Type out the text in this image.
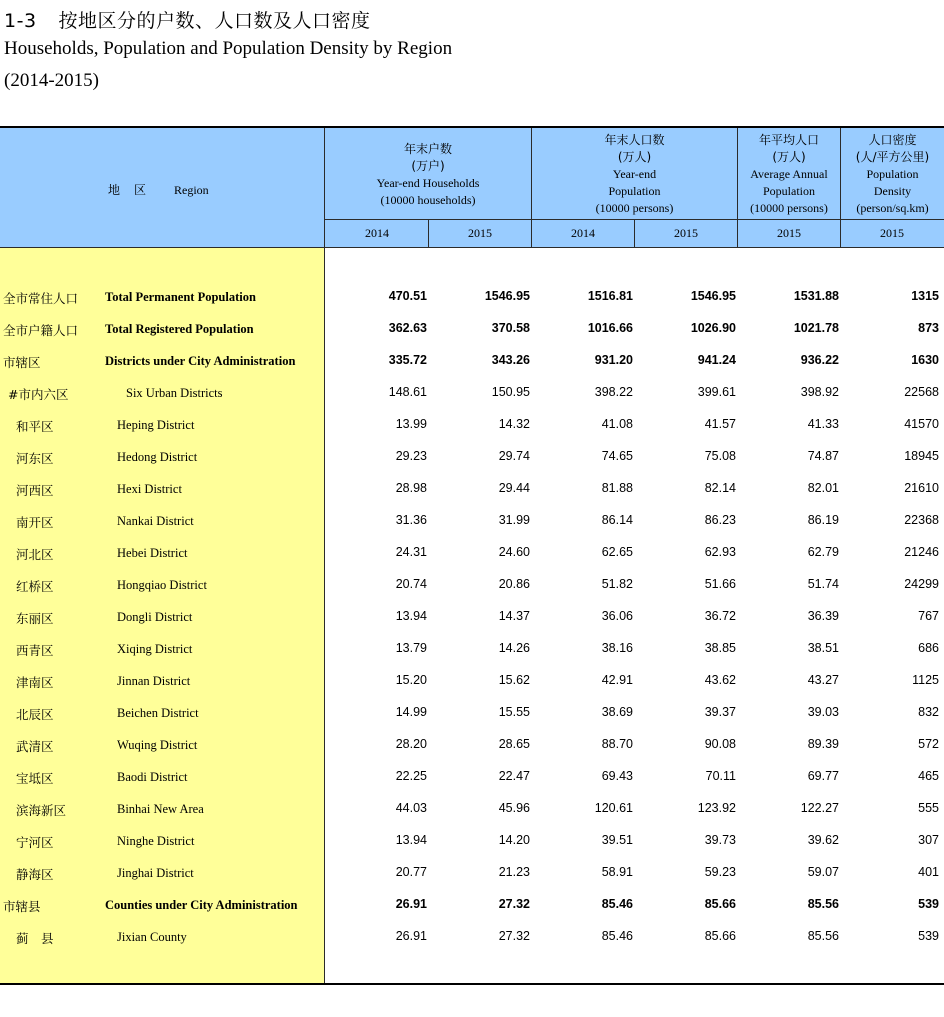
1-3 按地区分的户数、人口数及人口密度
Households, Population and Population Density by Region
(2014-2015)
地区 Region
年末户数
(万户)
Year-end Households
(10000 households)
年末人口数
(万人)
Year-end
Population
(10000 persons)
年平均人口
(万人)
Average Annual
Population
(10000 persons)
人口密度
(人/平方公里)
Population
Density
(person/sq.km)
2014	2015	2014	2015	2015	2015
全市常住人口 Total Permanent Population	470.51	1546.95	1516.81	1546.95	1531.88	1315
全市户籍人口 Total Registered Population	362.63	370.58	1016.66	1026.90	1021.78	873
市辖区	Districts under City Administration	335.72	343.26	931.20	941.24	936.22	1630
#市内六区	Six Urban Districts	148.61	150.95	398.22	399.61	398.92	22568
和平区	Heping District	13.99	14.32	41.08	41.57	41.33	41570
河东区	Hedong District	29.23	29.74	74.65	75.08	74.87	18945
河西区	Hexi District	28.98	29.44	81.88	82.14	82.01	21610
南开区	Nankai District	31.36	31.99	86.14	86.23	86.19	22368
河北区	Hebei District	24.31	24.60	62.65	62.93	62.79	21246
红桥区	Hongqiao District	20.74	20.86	51.82	51.66	51.74	24299
东丽区	Dongli District	13.94	14.37	36.06	36.72	36.39	767
西青区	Xiqing District	13.79	14.26	38.16	38.85	38.51	686
津南区	Jinnan District	15.20	15.62	42.91	43.62	43.27	1125
北辰区	Beichen District	14.99	15.55	38.69	39.37	39.03	832
武清区	Wuqing District	28.20	28.65	88.70	90.08	89.39	572
宝坻区	Baodi District	22.25	22.47	69.43	70.11	69.77	465
滨海新区	Binhai New Area	44.03	45.96	120.61	123.92	122.27	555
宁河区	Ninghe District	13.94	14.20	39.51	39.73	39.62	307
静海区	Jinghai District	20.77	21.23	58.91	59.23	59.07	401
市辖县	Counties under City Administration	26.91	27.32	85.46	85.66	85.56	539
蓟　县	Jixian County	26.91	27.32	85.46	85.66	85.56	539
